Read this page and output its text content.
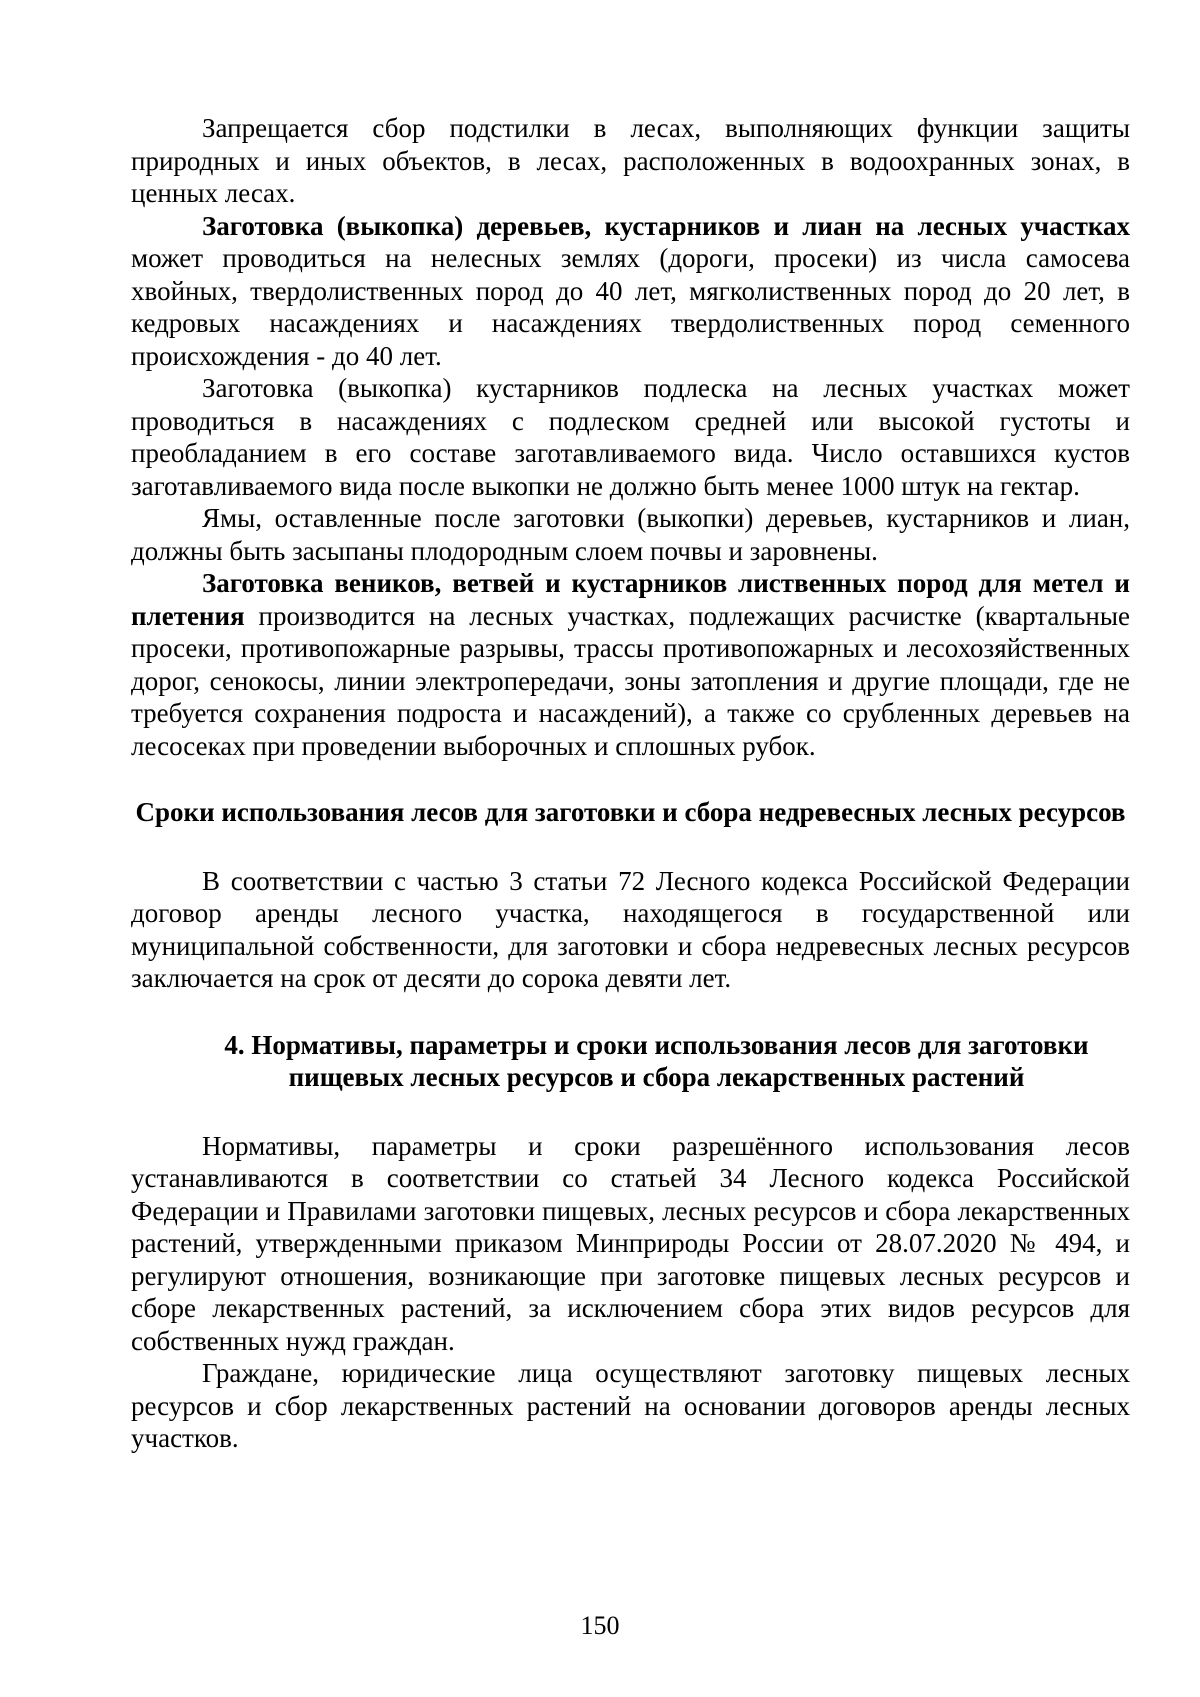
Запрещается сбор подстилки в лесах, выполняющих функции защиты природных и иных объектов, в лесах, расположенных в водоохранных зонах, в ценных лесах.

Заготовка (выкопка) деревьев, кустарников и лиан на лесных участках может проводиться на нелесных землях (дороги, просеки) из числа самосева хвойных, твердолиственных пород до 40 лет, мягколиственных пород до 20 лет, в кедровых насаждениях и насаждениях твердолиственных пород семенного происхождения - до 40 лет.

Заготовка (выкопка) кустарников подлеска на лесных участках может проводиться в насаждениях с подлеском средней или высокой густоты и преобладанием в его составе заготавливаемого вида. Число оставшихся кустов заготавливаемого вида после выкопки не должно быть менее 1000 штук на гектар.

Ямы, оставленные после заготовки (выкопки) деревьев, кустарников и лиан, должны быть засыпаны плодородным слоем почвы и заровнены.

Заготовка веников, ветвей и кустарников лиственных пород для метел и плетения производится на лесных участках, подлежащих расчистке (квартальные просеки, противопожарные разрывы, трассы противопожарных и лесохозяйственных дорог, сенокосы, линии электропередачи, зоны затопления и другие площади, где не требуется сохранения подроста и насаждений), а также со срубленных деревьев на лесосеках при проведении выборочных и сплошных рубок.

Сроки использования лесов для заготовки и сбора недревесных лесных ресурсов

В соответствии с частью 3 статьи 72 Лесного кодекса Российской Федерации договор аренды лесного участка, находящегося в государственной или муниципальной собственности, для заготовки и сбора недревесных лесных ресурсов заключается на срок от десяти до сорока девяти лет.

4. Нормативы, параметры и сроки использования лесов для заготовки пищевых лесных ресурсов и сбора лекарственных растений

Нормативы, параметры и сроки разрешённого использования лесов устанавливаются в соответствии со статьей 34 Лесного кодекса Российской Федерации и Правилами заготовки пищевых, лесных ресурсов и сбора лекарственных растений, утвержденными приказом Минприроды России от 28.07.2020 № 494, и регулируют отношения, возникающие при заготовке пищевых лесных ресурсов и сборе лекарственных растений, за исключением сбора этих видов ресурсов для собственных нужд граждан.

Граждане, юридические лица осуществляют заготовку пищевых лесных ресурсов и сбор лекарственных растений на основании договоров аренды лесных участков.

150
